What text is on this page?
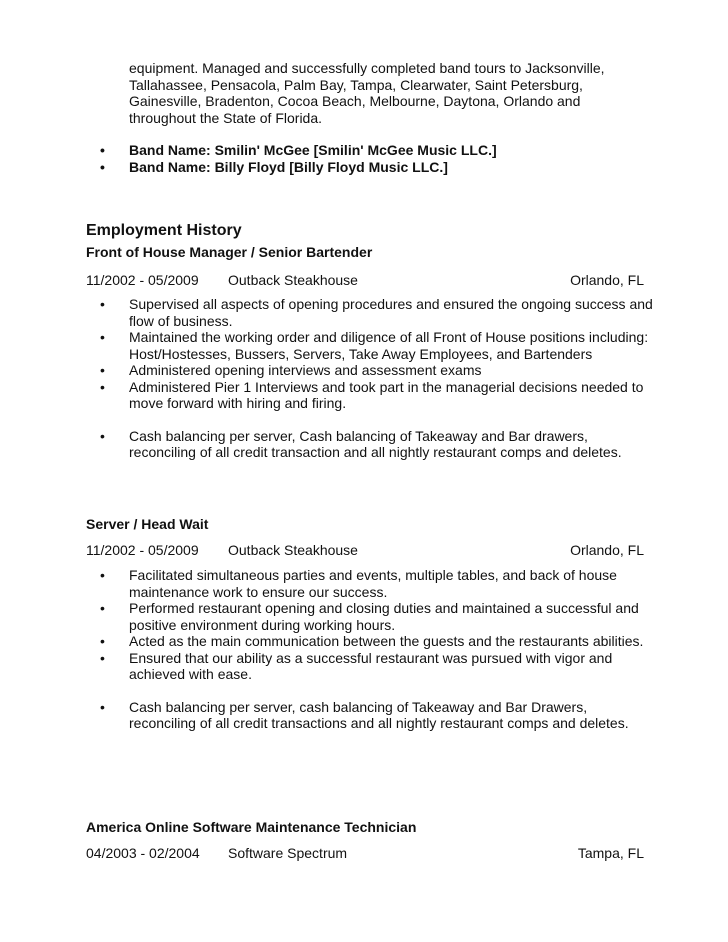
equipment. Managed and successfully completed band tours to Jacksonville, Tallahassee, Pensacola, Palm Bay, Tampa, Clearwater, Saint Petersburg, Gainesville, Bradenton, Cocoa Beach, Melbourne, Daytona, Orlando and throughout the State of Florida.

• Band Name: Smilin' McGee [Smilin' McGee Music LLC.]
• Band Name: Billy Floyd [Billy Floyd Music LLC.]
Employment History
Front of House Manager / Senior Bartender
11/2002 - 05/2009 Outback Steakhouse	Orlando, FL
• Supervised all aspects of opening procedures and ensured the ongoing success and flow of business.
• Maintained the working order and diligence of all Front of House positions including: Host/Hostesses, Bussers, Servers, Take Away Employees, and Bartenders
• Administered opening interviews and assessment exams
• Administered Pier 1 Interviews and took part in the managerial decisions needed to move forward with hiring and firing.
• Cash balancing per server, Cash balancing of Takeaway and Bar drawers, reconciling of all credit transaction and all nightly restaurant comps and deletes.
Server / Head Wait
11/2002 - 05/2009 Outback Steakhouse	Orlando, FL
• Facilitated simultaneous parties and events, multiple tables, and back of house maintenance work to ensure our success.
• Performed restaurant opening and closing duties and maintained a successful and positive environment during working hours.
• Acted as the main communication between the guests and the restaurants abilities.
• Ensured that our ability as a successful restaurant was pursued with vigor and achieved with ease.
• Cash balancing per server, cash balancing of Takeaway and Bar Drawers, reconciling of all credit transactions and all nightly restaurant comps and deletes.
America Online Software Maintenance Technician
04/2003 - 02/2004 Software Spectrum	Tampa, FL
